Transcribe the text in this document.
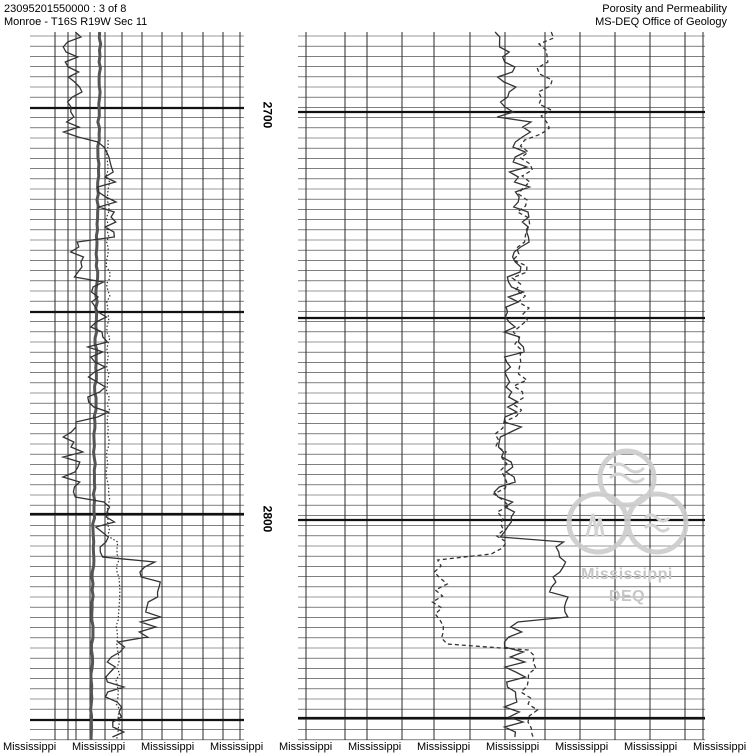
23095201550000 : 3 of 8
Monroe - T16S R19W Sec 11
Porosity and Permeability
MS-DEQ Office of Geology
2700
2800
Mississippi
DEQ
Mississippi Mississippi Mississippi Mississippi Mississippi Mississippi Mississippi Mississippi Mississippi Mississippi Mississippi
